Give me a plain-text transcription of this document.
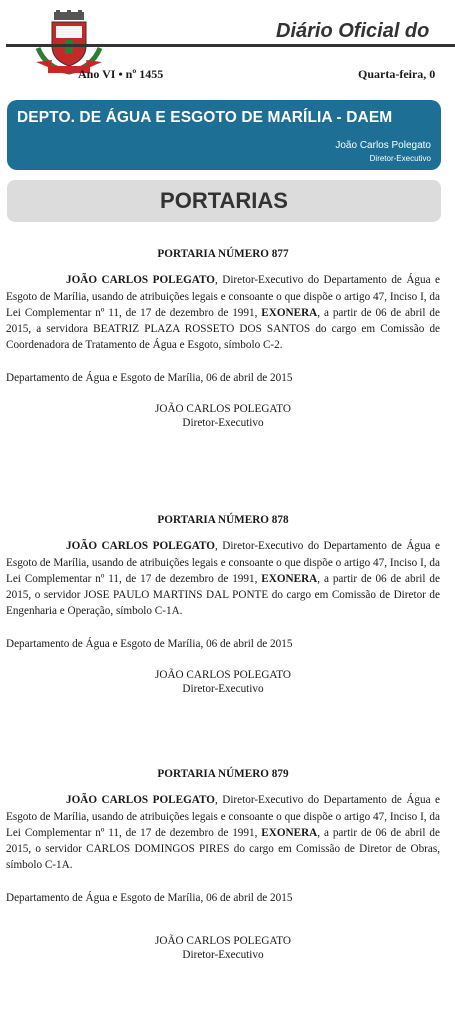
Diário Oficial do
Ano VI • nº 1455	Quarta-feira, 0
DEPTO. DE ÁGUA E ESGOTO DE MARÍLIA - DAEM
João Carlos Polegato
Diretor-Executivo
PORTARIAS

PORTARIA NÚMERO 877

JOÃO CARLOS POLEGATO, Diretor-Executivo do Departamento de Água e Esgoto de Marília, usando de atribuições legais e consoante o que dispõe o artigo 47, Inciso I, da Lei Complementar nº 11, de 17 de dezembro de 1991, EXONERA, a partir de 06 de abril de 2015, a servidora BEATRIZ PLAZA ROSSETO DOS SANTOS do cargo em Comissão de Coordenadora de Tratamento de Água e Esgoto, símbolo C-2.

Departamento de Água e Esgoto de Marília, 06 de abril de 2015

JOÃO CARLOS POLEGATO
Diretor-Executivo

PORTARIA NÚMERO 878

JOÃO CARLOS POLEGATO, Diretor-Executivo do Departamento de Água e Esgoto de Marília, usando de atribuições legais e consoante o que dispõe o artigo 47, Inciso I, da Lei Complementar nº 11, de 17 de dezembro de 1991, EXONERA, a partir de 06 de abril de 2015, o servidor JOSE PAULO MARTINS DAL PONTE do cargo em Comissão de Diretor de Engenharia e Operação, símbolo C-1A.

Departamento de Água e Esgoto de Marília, 06 de abril de 2015

JOÃO CARLOS POLEGATO
Diretor-Executivo

PORTARIA NÚMERO 879

JOÃO CARLOS POLEGATO, Diretor-Executivo do Departamento de Água e Esgoto de Marília, usando de atribuições legais e consoante o que dispõe o artigo 47, Inciso I, da Lei Complementar nº 11, de 17 de dezembro de 1991, EXONERA, a partir de 06 de abril de 2015, o servidor CARLOS DOMINGOS PIRES do cargo em Comissão de Diretor de Obras, símbolo C-1A.

Departamento de Água e Esgoto de Marília, 06 de abril de 2015

JOÃO CARLOS POLEGATO
Diretor-Executivo
